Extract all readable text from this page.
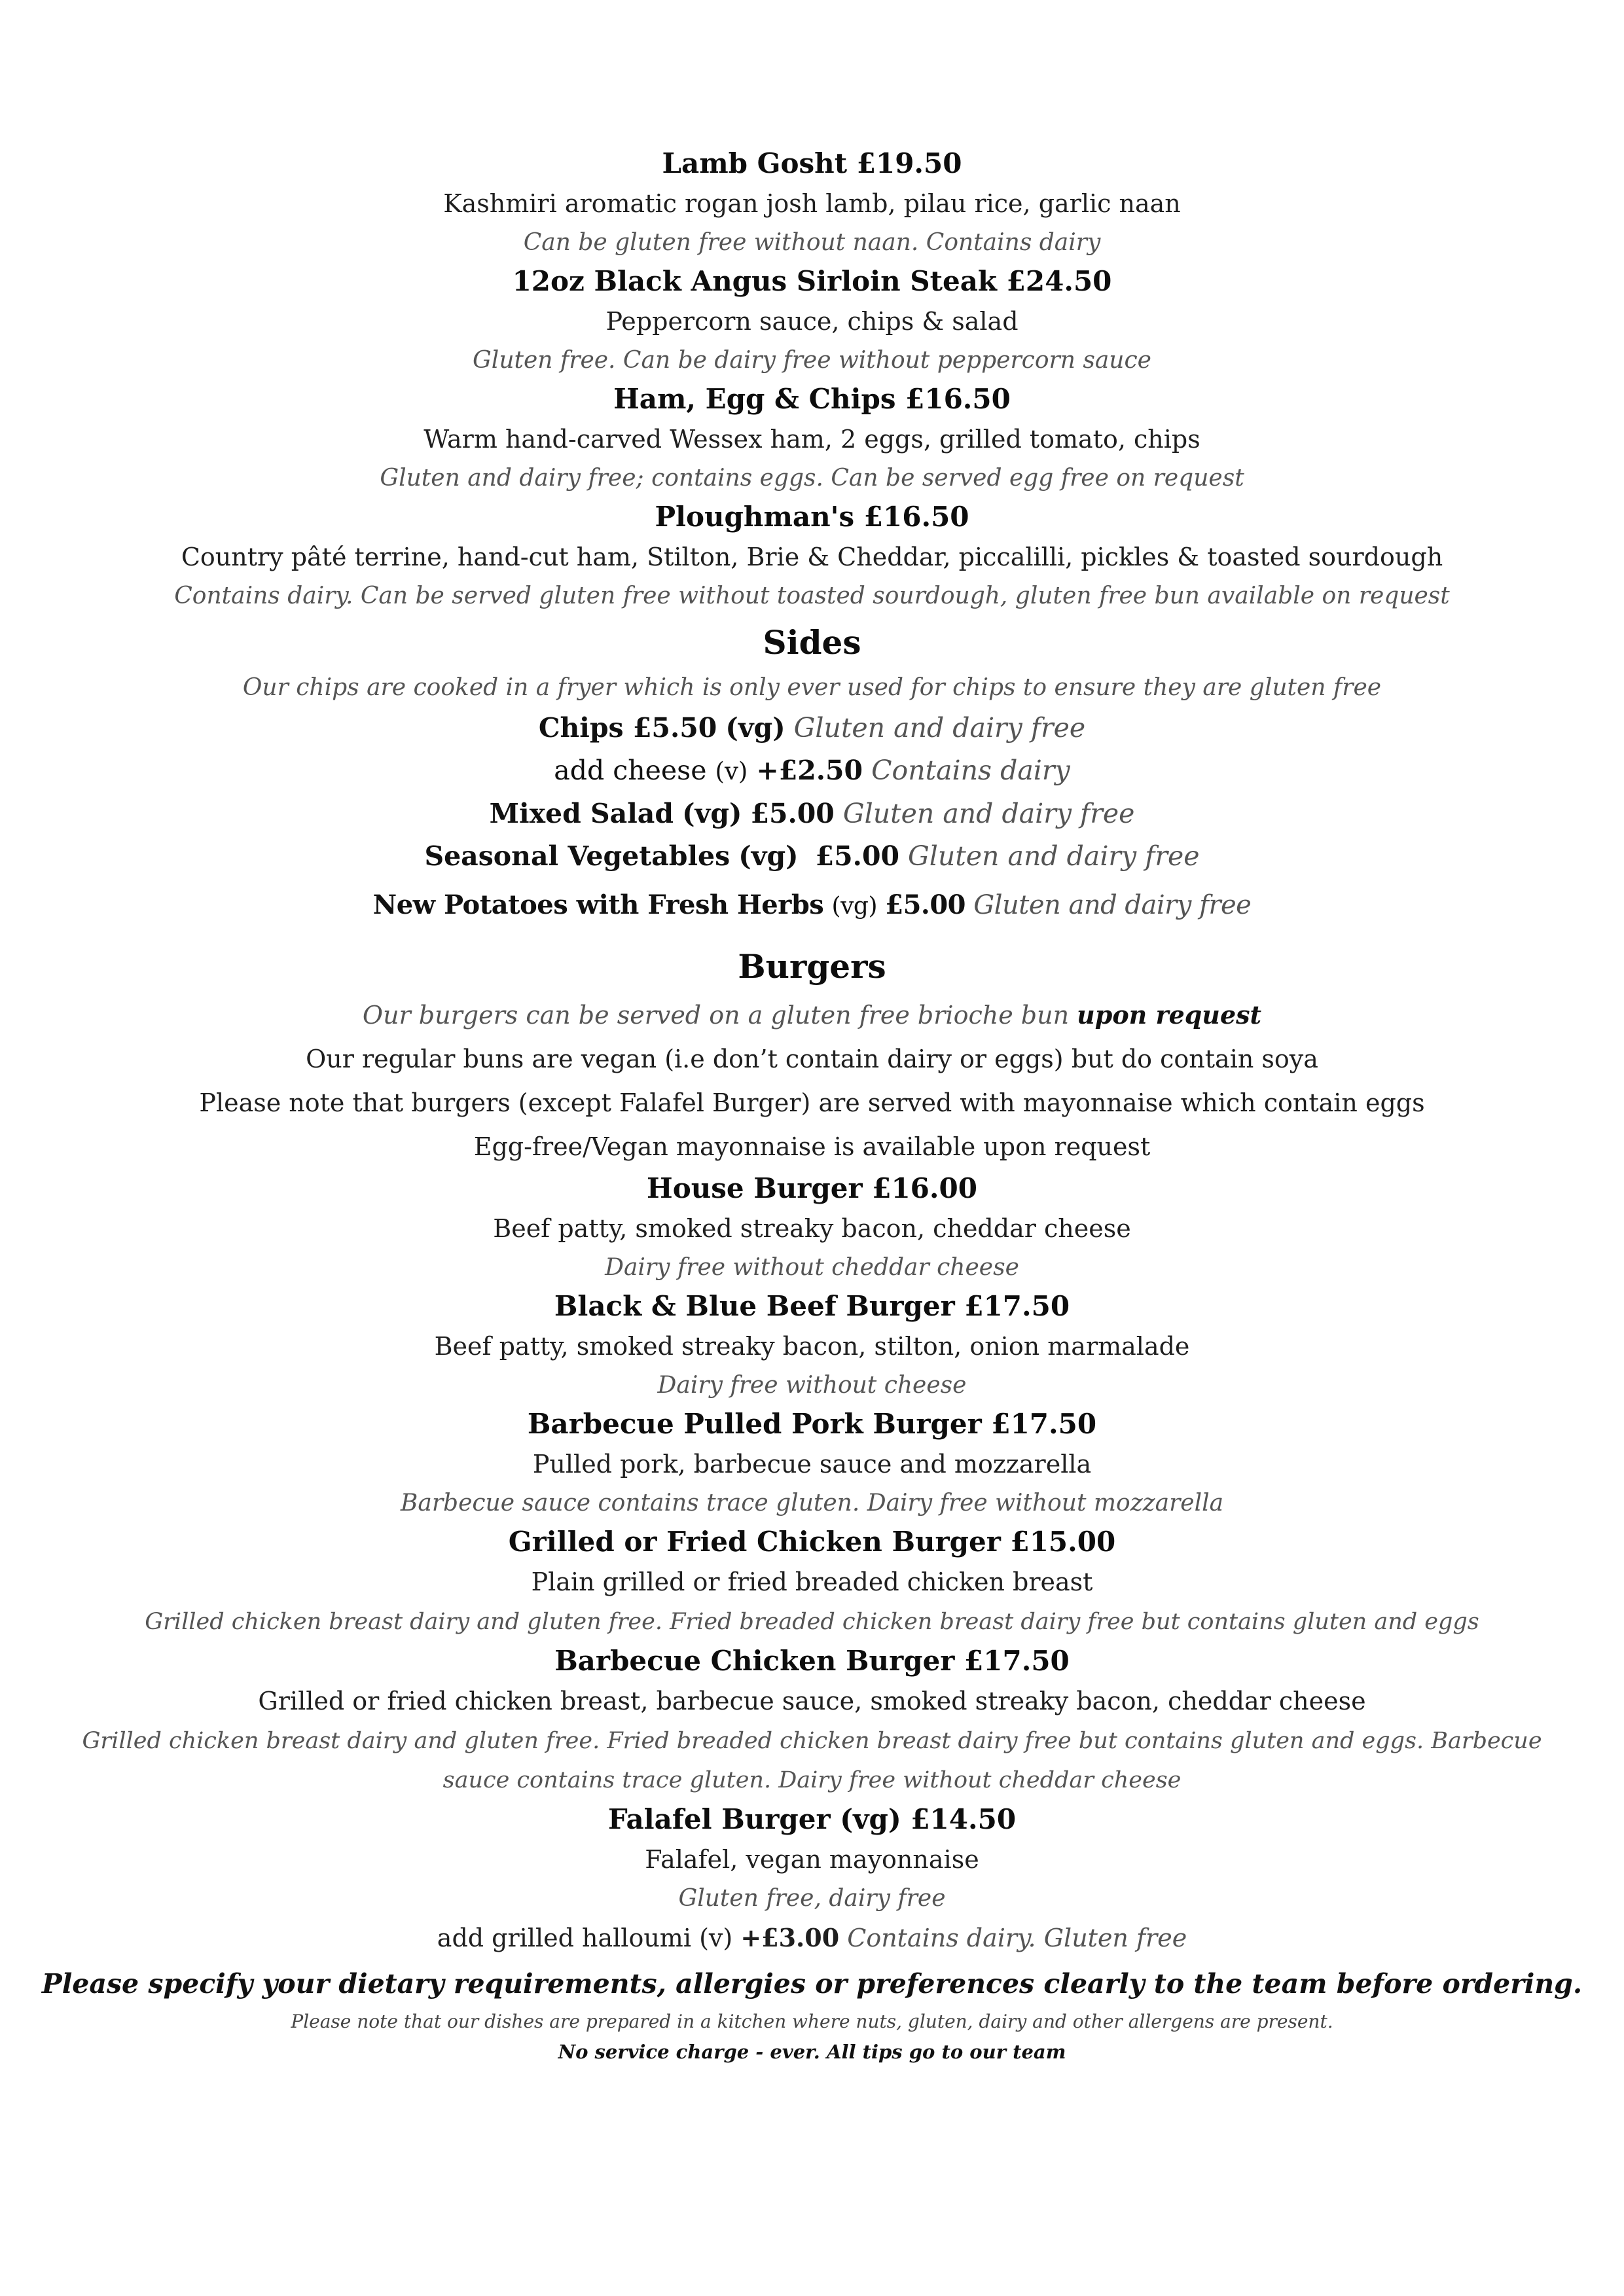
Lamb Gosht £19.50
Kashmiri aromatic rogan josh lamb, pilau rice, garlic naan
Can be gluten free without naan. Contains dairy
12oz Black Angus Sirloin Steak £24.50
Peppercorn sauce, chips & salad
Gluten free. Can be dairy free without peppercorn sauce
Ham, Egg & Chips £16.50
Warm hand-carved Wessex ham, 2 eggs, grilled tomato, chips
Gluten and dairy free; contains eggs. Can be served egg free on request
Ploughman's £16.50
Country pâté terrine, hand-cut ham, Stilton, Brie & Cheddar, piccalilli, pickles & toasted sourdough
Contains dairy. Can be served gluten free without toasted sourdough, gluten free bun available on request
Sides
Our chips are cooked in a fryer which is only ever used for chips to ensure they are gluten free
Chips £5.50 (vg) Gluten and dairy free
add cheese (v) +£2.50 Contains dairy
Mixed Salad (vg) £5.00 Gluten and dairy free
Seasonal Vegetables (vg) £5.00 Gluten and dairy free
New Potatoes with Fresh Herbs (vg) £5.00 Gluten and dairy free
Burgers
Our burgers can be served on a gluten free brioche bun upon request
Our regular buns are vegan (i.e don’t contain dairy or eggs) but do contain soya
Please note that burgers (except Falafel Burger) are served with mayonnaise which contain eggs
Egg-free/Vegan mayonnaise is available upon request
House Burger £16.00
Beef patty, smoked streaky bacon, cheddar cheese
Dairy free without cheddar cheese
Black & Blue Beef Burger £17.50
Beef patty, smoked streaky bacon, stilton, onion marmalade
Dairy free without cheese
Barbecue Pulled Pork Burger £17.50
Pulled pork, barbecue sauce and mozzarella
Barbecue sauce contains trace gluten. Dairy free without mozzarella
Grilled or Fried Chicken Burger £15.00
Plain grilled or fried breaded chicken breast
Grilled chicken breast dairy and gluten free. Fried breaded chicken breast dairy free but contains gluten and eggs
Barbecue Chicken Burger £17.50
Grilled or fried chicken breast, barbecue sauce, smoked streaky bacon, cheddar cheese
Grilled chicken breast dairy and gluten free. Fried breaded chicken breast dairy free but contains gluten and eggs. Barbecue
sauce contains trace gluten. Dairy free without cheddar cheese
Falafel Burger (vg) £14.50
Falafel, vegan mayonnaise
Gluten free, dairy free
add grilled halloumi (v) +£3.00 Contains dairy. Gluten free
Please specify your dietary requirements, allergies or preferences clearly to the team before ordering.
Please note that our dishes are prepared in a kitchen where nuts, gluten, dairy and other allergens are present.
No service charge - ever. All tips go to our team
